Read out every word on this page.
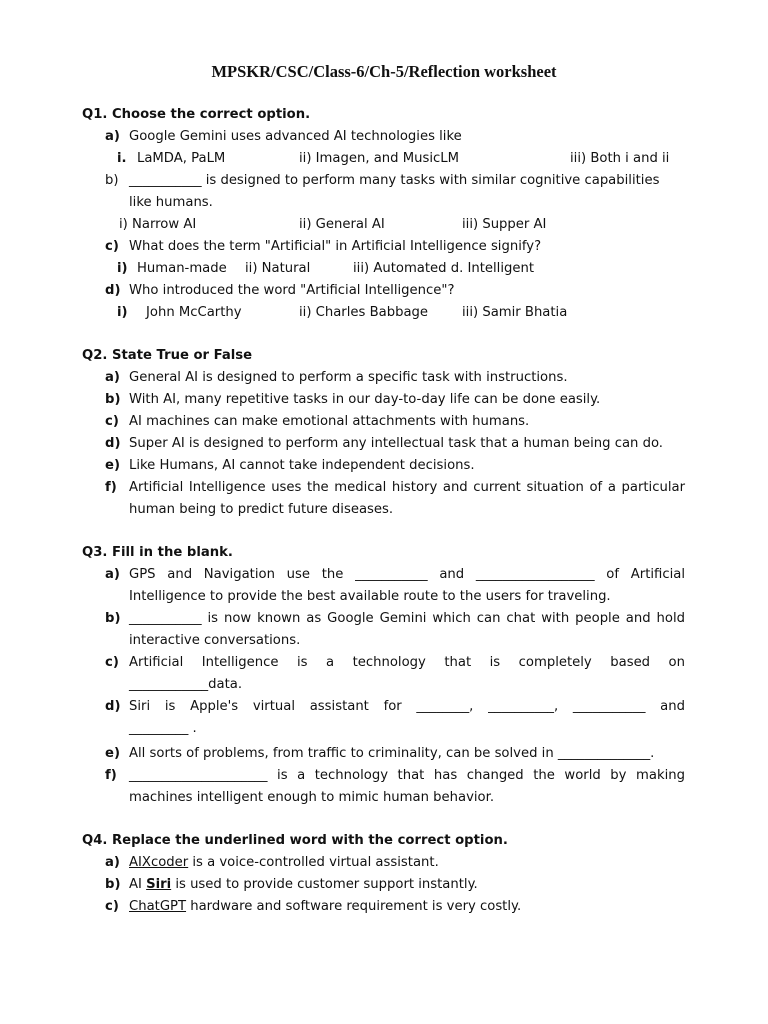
MPSKR/CSC/Class-6/Ch-5/Reflection worksheet
Q1. Choose the correct option.
a) Google Gemini uses advanced AI technologies like
i. LaMDA, PaLM	ii) Imagen, and MusicLM	iii) Both i and ii
b) ___________ is designed to perform many tasks with similar cognitive capabilities
like humans.
i) Narrow AI	ii) General AI	iii) Supper AI
c) What does the term "Artificial" in Artificial Intelligence signify?
i) Human-made ii) Natural	iii) Automated d. Intelligent
d) Who introduced the word "Artificial Intelligence"?
i) John McCarthy	ii) Charles Babbage	iii) Samir Bhatia
Q2. State True or False
a) General AI is designed to perform a specific task with instructions.
b) With AI, many repetitive tasks in our day-to-day life can be done easily.
c) AI machines can make emotional attachments with humans.
d) Super AI is designed to perform any intellectual task that a human being can do.
e) Like Humans, AI cannot take independent decisions.
f) Artificial Intelligence uses the medical history and current situation of a particular
human being to predict future diseases.
Q3. Fill in the blank.
a) GPS and Navigation use the ___________ and __________________ of Artificial
Intelligence to provide the best available route to the users for traveling.
b) ___________ is now known as Google Gemini which can chat with people and hold
interactive conversations.
c) Artificial Intelligence is a technology that is completely based on
____________data.
d) Siri is Apple's virtual assistant for ________, __________, ___________ and
_________ .
e) All sorts of problems, from traffic to criminality, can be solved in ______________.
f) _____________________ is a technology that has changed the world by making
machines intelligent enough to mimic human behavior.
Q4. Replace the underlined word with the correct option.
a) AIXcoder is a voice-controlled virtual assistant.
b) AI Siri is used to provide customer support instantly.
c) ChatGPT hardware and software requirement is very costly.
